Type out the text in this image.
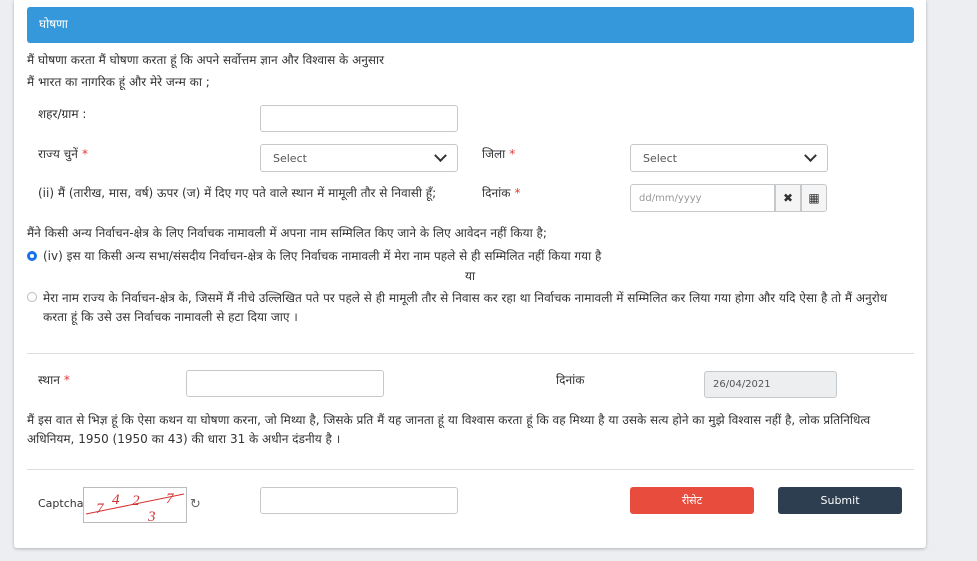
घोषणा
मैं घोषणा करता मैं घोषणा करता हूं कि अपने सर्वोत्तम ज्ञान और विश्वास के अनुसार
मैं भारत का नागरिक हूं और मेरे जन्म का ;
शहर/ग्राम :
राज्य चुनें *	Select	जिला *	Select
(ii) मैं (तारीख, मास, वर्ष) ऊपर (ज) में दिए गए पते वाले स्थान में मामूली तौर से निवासी हूँ;	दिनांक *	dd/mm/yyyy	✖ ▦
मैंने किसी अन्य निर्वाचन-क्षेत्र के लिए निर्वाचक नामावली में अपना नाम सम्मिलित किए जाने के लिए आवेदन नहीं किया है;
(iv) इस या किसी अन्य सभा/संसदीय निर्वाचन-क्षेत्र के लिए निर्वाचक नामावली में मेरा नाम पहले से ही सम्मिलित नहीं किया गया है
या
मेरा नाम राज्य के निर्वाचन-क्षेत्र के, जिसमें मैं नीचे उल्लिखित पते पर पहले से ही मामूली तौर से निवास कर रहा था निर्वाचक नामावली में सम्मिलित कर लिया गया होगा और यदि ऐसा है तो मैं अनुरोध
करता हूं कि उसे उस निर्वाचक नामावली से हटा दिया जाए ।
स्थान *	दिनांक	26/04/2021
मैं इस वात से भिज्ञ हूं कि ऐसा कथन या घोषणा करना, जो मिथ्या है, जिसके प्रति मैं यह जानता हूं या विश्वास करता हूं कि वह मिथ्या है या उसके सत्य होने का मुझे विश्वास नहीं है, लोक प्रतिनिधित्व
अधिनियम, 1950 (1950 का 43) की धारा 31 के अधीन दंडनीय है ।
Captcha 7
4 2 7
3
↻	रीसेट	Submit
